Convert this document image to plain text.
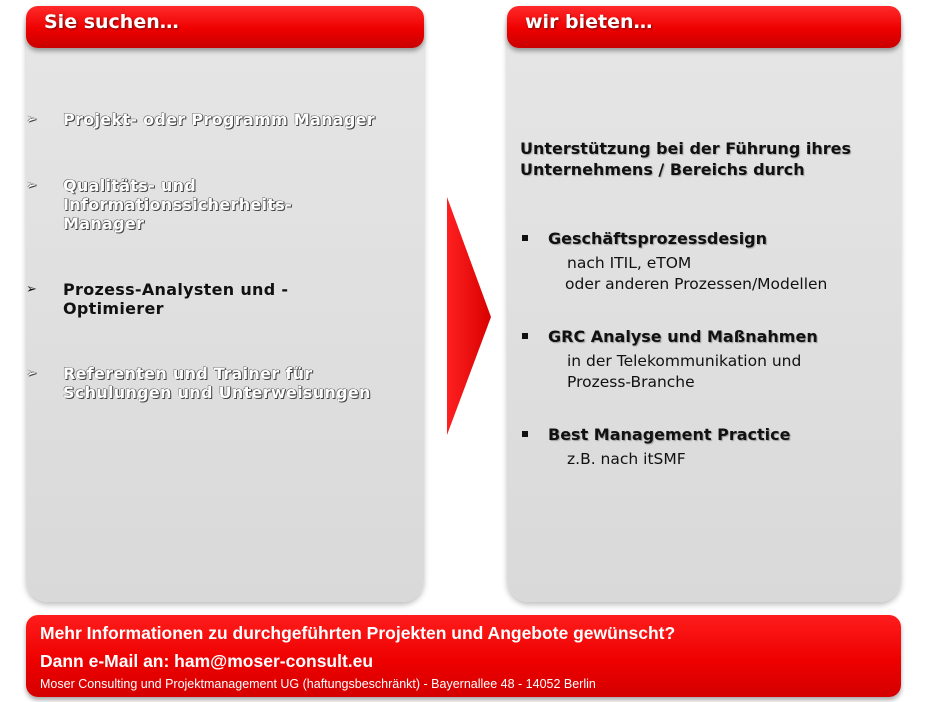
Sie suchen…
➢	Projekt- oder Programm Manager
➢	Qualitäts- und Informationssicherheits-Manager
➢	Prozess-Analysten und -Optimierer
➢	Referenten und Trainer für Schulungen und Unterweisungen
wir bieten…
Unterstützung bei der Führung ihres Unternehmens / Bereichs durch
Geschäftsprozessdesign
nach ITIL, eTOM
oder anderen Prozessen/Modellen
GRC Analyse und Maßnahmen
in der Telekommunikation und
Prozess-Branche
Best Management Practice
z.B. nach itSMF
Mehr Informationen zu durchgeführten Projekten und Angebote gewünscht?
Dann e-Mail an: ham@moser-consult.eu
Moser Consulting und Projektmanagement UG (haftungsbeschränkt) - Bayernallee 48 - 14052 Berlin
